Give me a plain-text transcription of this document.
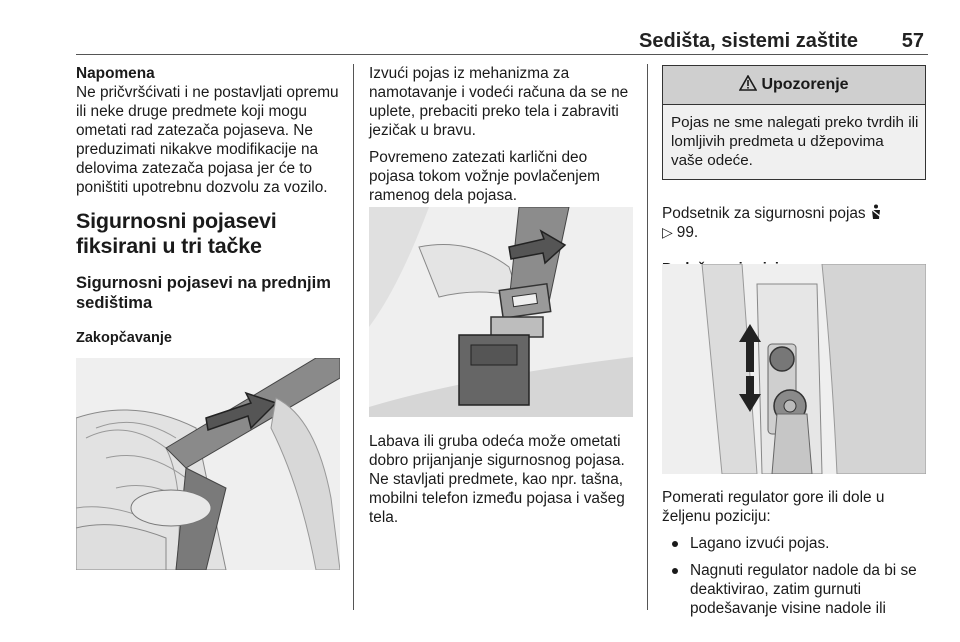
Sedišta, sistemi zaštite 57

Napomena

Ne pričvršćivati i ne postavljati opremu ili neke druge predmete koji mogu ometati rad zatezača pojaseva. Ne preduzimati nikakve modifikacije na delovima zatezača pojasa jer će to poništiti upotrebnu dozvolu za vozilo.

Sigurnosni pojasevi fiksirani u tri tačke
Sigurnosni pojasevi na prednjim sedištima
Zakopčavanje

Izvući pojas iz mehanizma za namotavanje i vodeći računa da se ne uplete, prebaciti preko tela i zabraviti jezičak u bravu.

Povremeno zatezati karlični deo pojasa tokom vožnje povlačenjem ramenog dela pojasa.

Labava ili gruba odeća može ometati dobro prijanjanje sigurnosnog pojasa. Ne stavljati predmete, kao npr. tašna, mobilni telefon između pojasa i vašeg tela.

Upozorenje
Pojas ne sme nalegati preko tvrdih ili lomljivih predmeta u džepovima vaše odeće.

Podsetnik za sigurnosni pojas
▷ 99.

Pomerati regulator gore ili dole u željenu poziciju:

Lagano izvući pojas.
Nagnuti regulator nadole da bi se deaktivirao, zatim gurnuti podešavanje visine nadole ili
